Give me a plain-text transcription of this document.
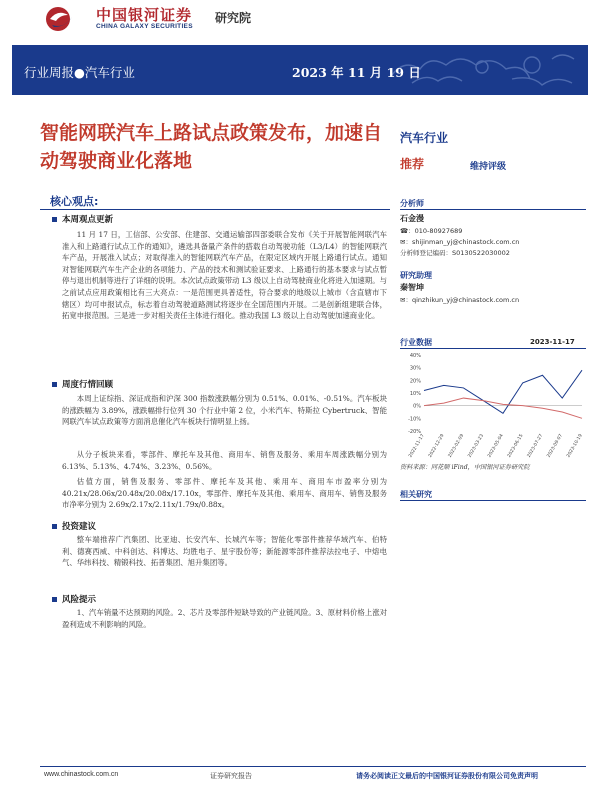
中国银河证券
CHINA GALAXY SECURITIES
研究院
行业周报●汽车行业	2023 年 11 月 19 日
智能网联汽车上路试点政策发布，加速自动驾驶商业化落地
汽车行业
推荐	维持评级
核心观点:
本周观点更新
11 月 17 日，工信部、公安部、住建部、交通运输部四部委联合发布《关于开展智能网联汽车准入和上路通行试点工作的通知》，遴选具备量产条件的搭载自动驾驶功能（L3/L4）的智能网联汽车产品，开展准入试点；对取得准入的智能网联汽车产品，在限定区域内开展上路通行试点。通知对智能网联汽车生产企业的各项能力、产品的技术和测试验证要求、上路通行的基本要求与试点暂停与退出机制等进行了详细的说明。本次试点政策带动 L3 级以上自动驾驶商业化将进入加速期。与之前试点应用政策相比有三大亮点：一是范围更具普适性，符合要求的地级以上城市（含直辖市下辖区）均可申报试点，标志着自动驾驶道路测试将逐步在全国范围内开展。二是创新组建联合体，拓宽申报范围。三是进一步对相关责任主体进行细化。推动我国 L3 级以上自动驾驶加速商业化。
周度行情回顾
本周上证综指、深证成指和沪深 300 指数涨跌幅分别为 0.51%、0.01%、-0.51%。汽车板块的涨跌幅为 3.89%，涨跌幅排行位列 30 个行业中第 2 位，小米汽车、特斯拉 Cybertruck、智能网联汽车试点政策等方面消息催化汽车板块行情明显上扬。
从分子板块来看，零部件、摩托车及其他、商用车、销售及服务、乘用车周涨跌幅分别为 6.13%、5.13%、4.74%、3.23%、0.56%。
估值方面，销售及服务、零部件、摩托车及其他、乘用车、商用车市盈率分别为 40.21x/28.06x/20.48x/20.08x/17.10x，零部件、摩托车及其他、乘用车、商用车、销售及服务市净率分别为 2.69x/2.17x/2.11x/1.79x/0.88x。
投资建议
整车端推荐广汽集团、比亚迪、长安汽车、长城汽车等；智能化零部件推荐华域汽车、伯特利、德赛西威、中科创达、科博达、均胜电子、星宇股份等；新能源零部件推荐法拉电子、中熔电气、华纬科技、精锻科技、拓普集团、旭升集团等。
风险提示
1、汽车销量不达预期的风险。2、芯片及零部件短缺导致的产业链风险。3、原材料价格上涨对盈利造成不利影响的风险。
分析师
石金漫
☎：010-80927689
✉：shijinman_yj@chinastock.com.cn
分析师登记编码：S0130522030002
研究助理
秦智坤
✉：qinzhikun_yj@chinastock.com.cn
行业数据	2023-11-17
40%
30%
20%
10%
0%
-10%
-20%
2022-11-17 2022-12-29 2023-02-09 2023-03-23 2023-05-04 2023-06-15 2023-07-27 2023-09-07 2023-10-19
资料来源：同花顺 iFind，中国银河证券研究院
相关研究
www.chinastock.com.cn	证券研究报告	请务必阅读正文最后的中国银河证券股份有限公司免责声明
